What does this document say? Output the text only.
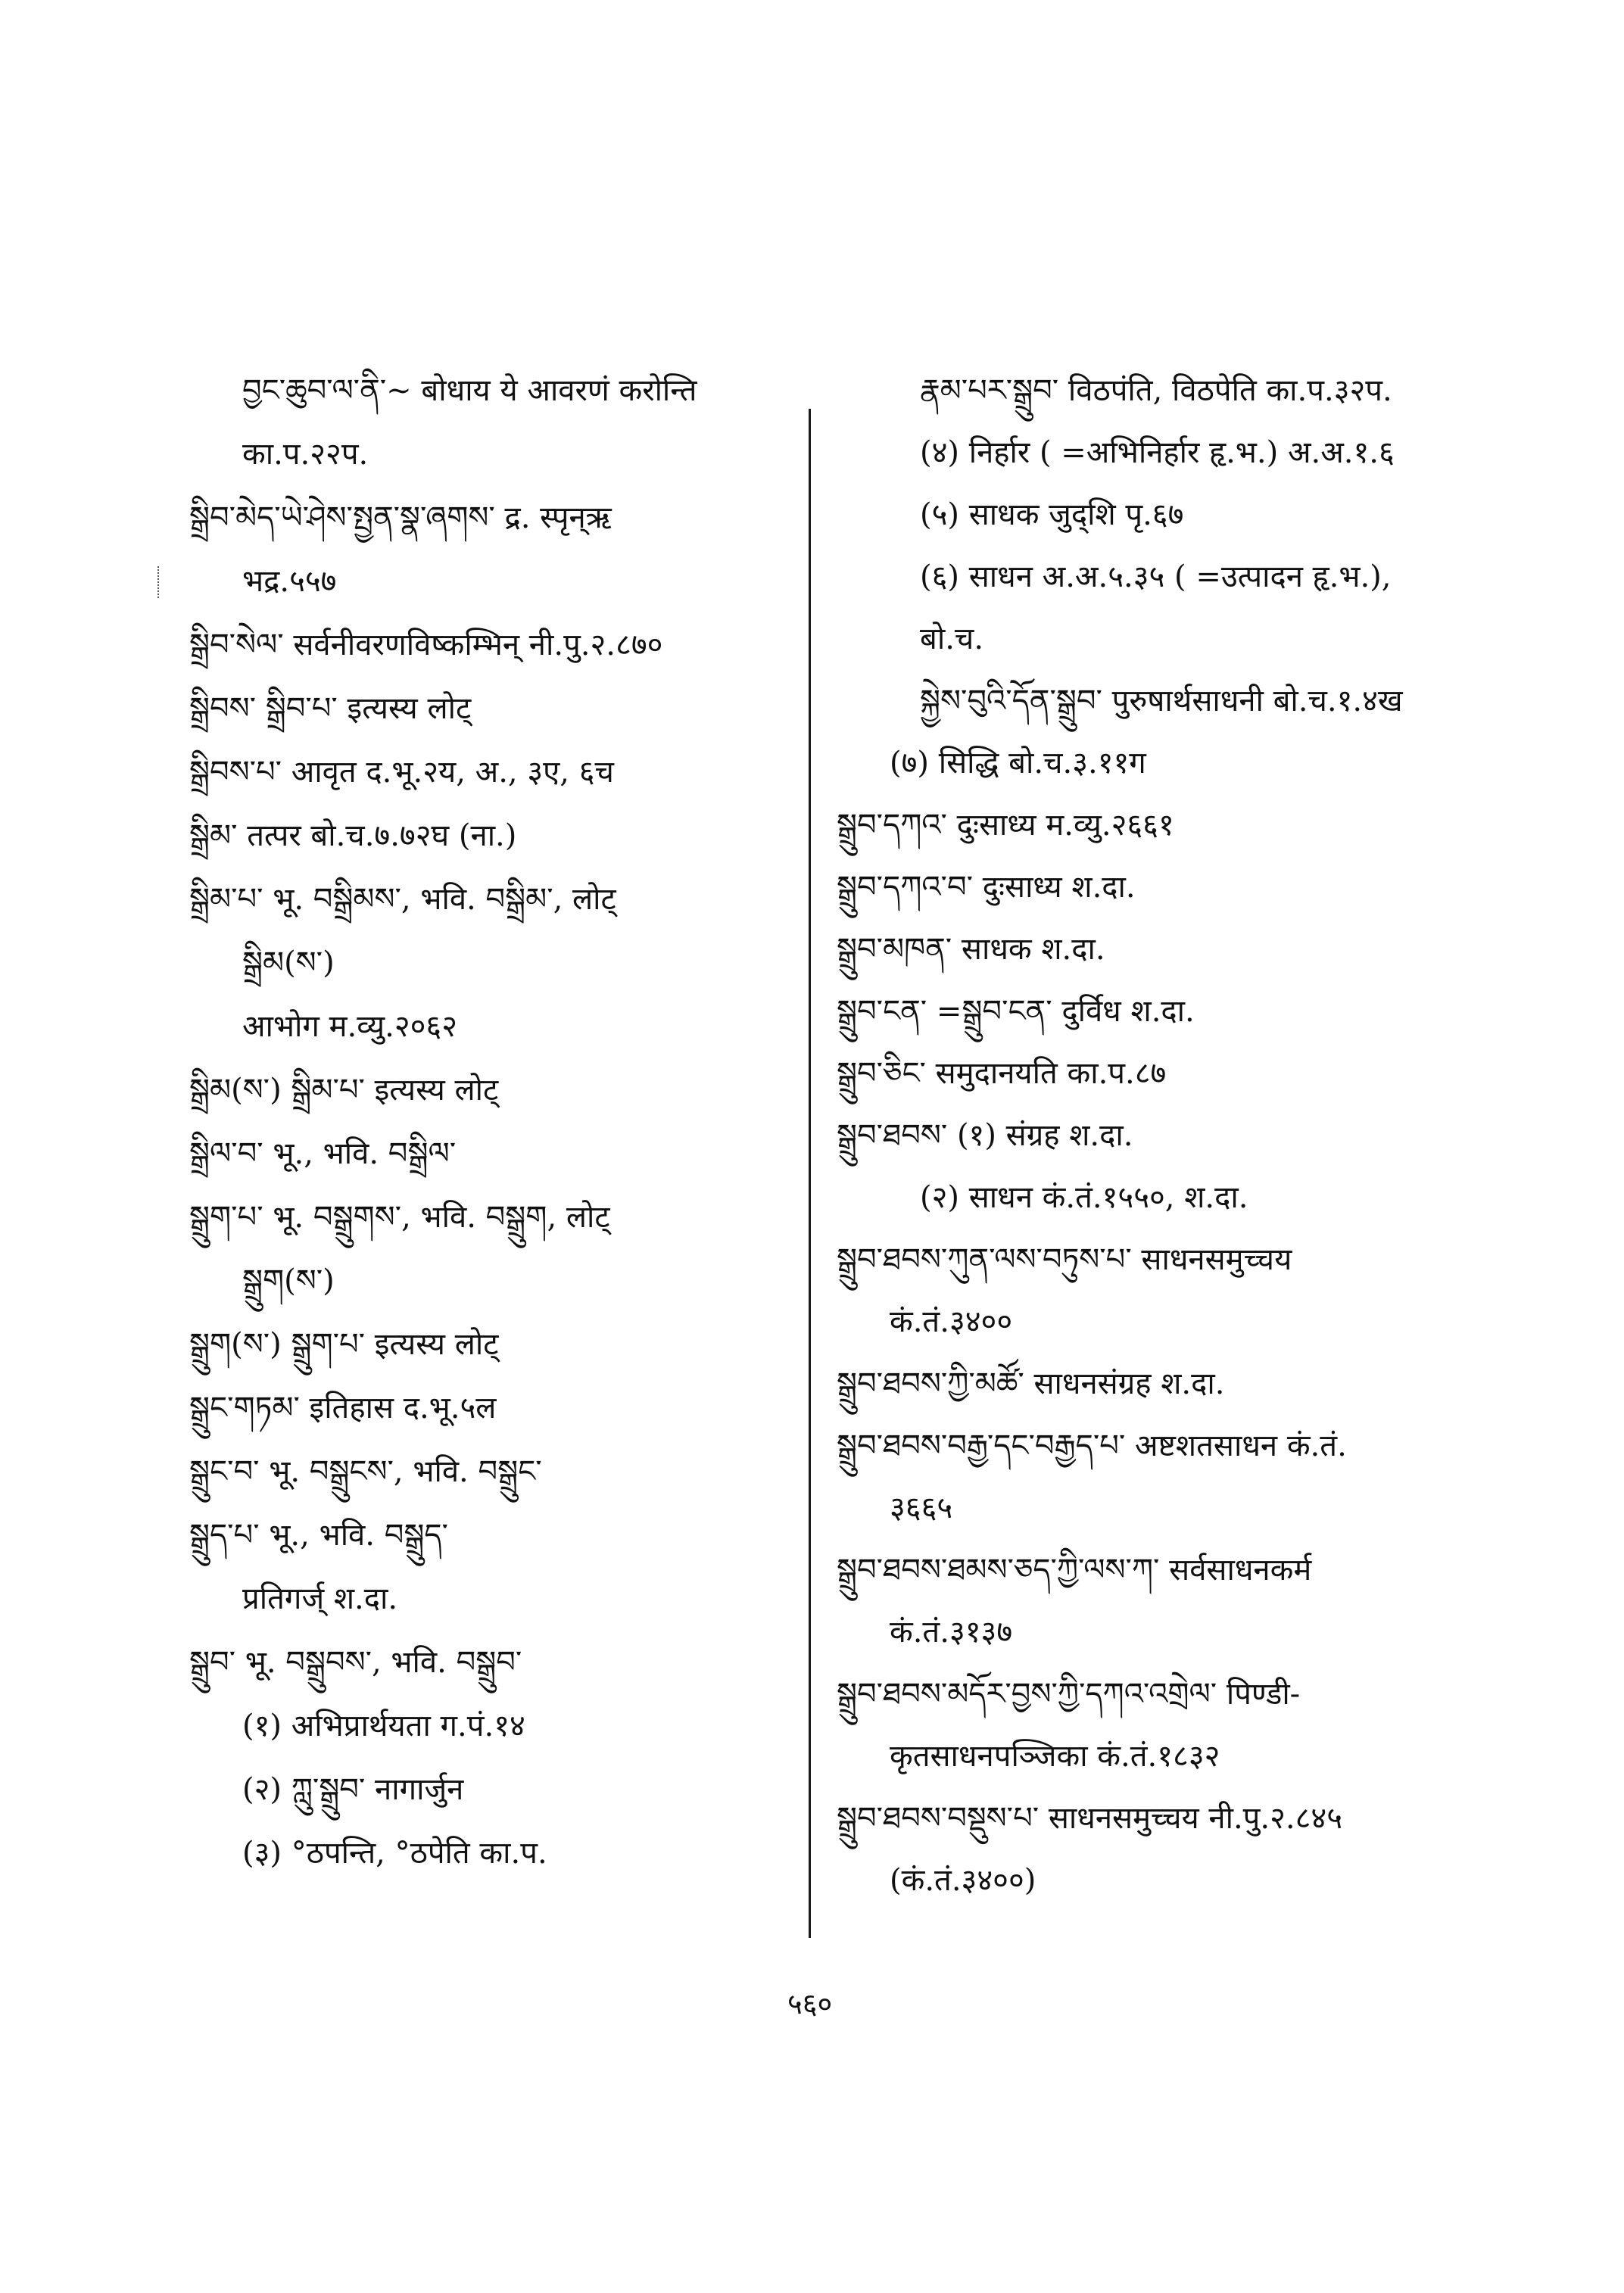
བྱང་ཆུབ་ལ་ནི་~ बोधाय ये आवरणं करोन्ति
का.प.२२प.
སྒྲིབ་མེད་ཡེ་ཤེས་སྤྱན་སྣ་ཞགས་ द्र. स्पृन्ऋ
भद्र.५५७
སྒྲིབ་སེལ་ सर्वनीवरणविष्कम्भिन् नी.पु.२.८७०
སྒྲིབས་ སྒྲིབ་པ་ इत्यस्य लोट्
སྒྲིབས་པ་ आवृत द.भू.२य, अ., ३ए, ६च
སྒྲིམ་ तत्पर बो.च.७.७२घ (ना.)
སྒྲིམ་པ་ भू. བསྒྲིམས་, भवि. བསྒྲིམ་, लोट्
སྒྲིམ(ས་)
आभोग म.व्यु.२०६२
སྒྲིམ(ས་) སྒྲིམ་པ་ इत्यस्य लोट्
སྒྲིལ་བ་ भू., भवि. བསྒྲིལ་
སྒྲུག་པ་ भू. བསྒྲུགས་, भवि. བསྒྲུག, लोट्
སྒྲུག(ས་)
སྒྲུག(ས་) སྒྲུག་པ་ इत्यस्य लोट्
སྒྲུང་གཏམ་ इतिहास द.भू.५ल
སྒྲུང་བ་ भू. བསྒྲུངས་, भवि. བསྒྲུང་
སྒྲུད་པ་ भू., भवि. བསྒྲུད་
प्रतिगर्ज् श.दा.
སྒྲུབ་ भू. བསྒྲུབས་, भवि. བསྒྲུབ་
(१) अभिप्रार्थयता ग.पं.१४
(२) ཀླུ་སྒྲུབ་ नागार्जुन
(३) °ठपन्ति, °ठपेति का.प.
རྣམ་པར་སྒྲུབ་ विठपंति, विठपेति का.प.३२प.
(४) निर्हार ( =अभिनिर्हार हृ.भ.) अ.अ.१.६
(५) साधक जुद्शि पृ.६७
(६) साधन अ.अ.५.३५ ( =उत्पादन हृ.भ.),
बो.च.
སྐྱེས་བུའི་དོན་སྒྲུབ་ पुरुषार्थसाधनी बो.च.१.४ख
(७) सिद्धि बो.च.३.११ग
སྒྲུབ་དཀའ་ दुःसाध्य म.व्यु.२६६१
སྒྲུབ་དཀའ་བ་ दुःसाध्य श.दा.
སྒྲུབ་མཁན་ साधक श.दा.
སྒྲུབ་ངན་ =སྒྲུབ་ངན་ दुर्विध श.दा.
སྒྲུབ་ཅིང་ समुदानयति का.प.८७
སྒྲུབ་ཐབས་ (१) संग्रह श.दा.
(२) साधन कं.तं.१५५०, श.दा.
སྒྲུབ་ཐབས་ཀུན་ལས་བཏུས་པ་ साधनसमुच्चय
कं.तं.३४००
སྒྲུབ་ཐབས་ཀྱི་མཚོ་ साधनसंग्रह श.दा.
སྒྲུབ་ཐབས་བརྒྱ་དང་བརྒྱད་པ་ अष्टशतसाधन कं.तं.
३६६५
སྒྲུབ་ཐབས་ཐམས་ཅད་ཀྱི་ལས་ཀ་ सर्वसाधनकर्म
कं.तं.३१३७
སྒྲུབ་ཐབས་མདོར་བྱས་ཀྱི་དཀའ་འགྲེལ་ पिण्डी-
कृतसाधनपञ्जिका कं.तं.१८३२
སྒྲུབ་ཐབས་བསྡུས་པ་ साधनसमुच्चय नी.पु.२.८४५
(कं.तं.३४००)
५६०
